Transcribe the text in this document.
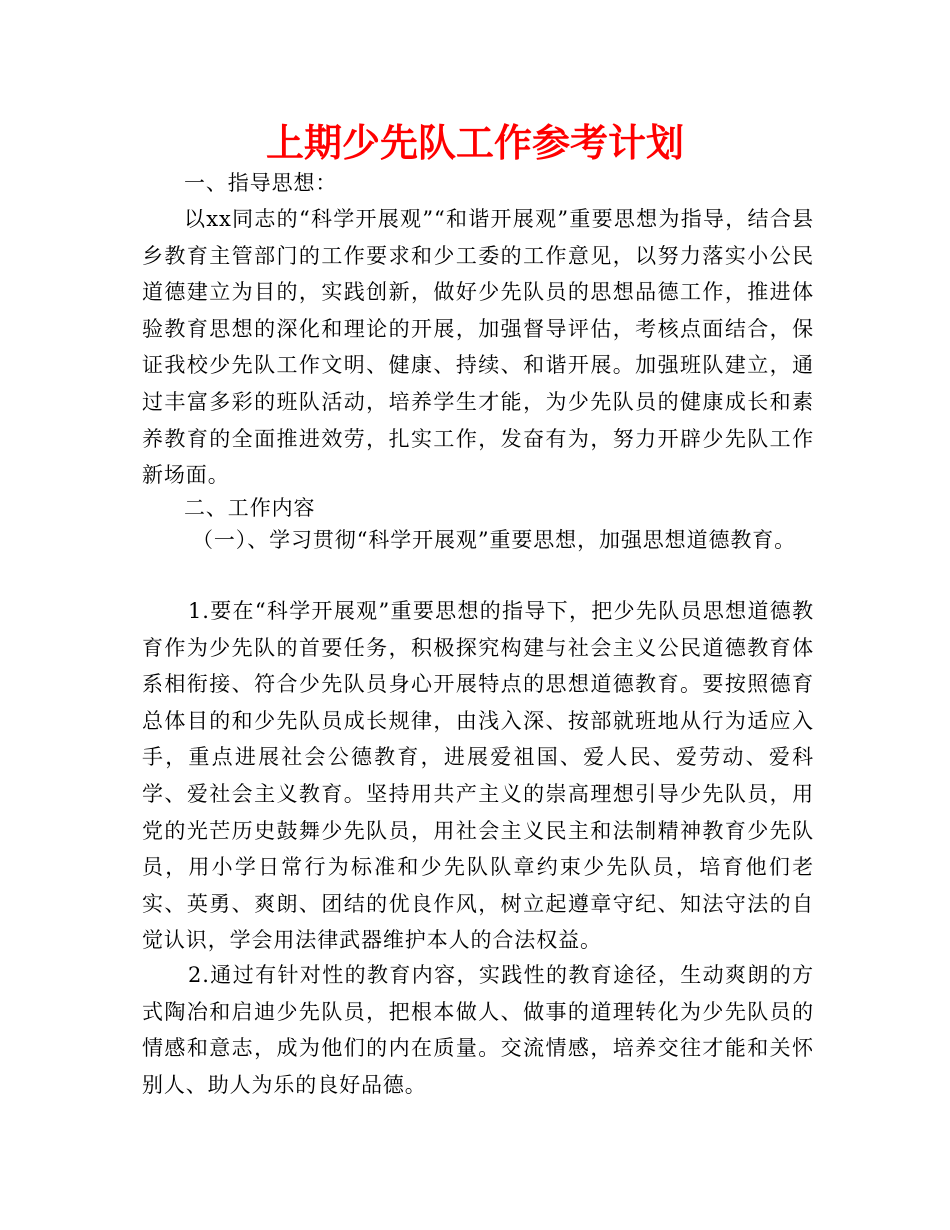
上期少先队工作参考计划

一、指导思想：

以xx同志的“科学开展观”“和谐开展观”重要思想为指导，结合县乡教育主管部门的工作要求和少工委的工作意见，以努力落实小公民道德建立为目的，实践创新，做好少先队员的思想品德工作，推进体验教育思想的深化和理论的开展，加强督导评估，考核点面结合，保证我校少先队工作文明、健康、持续、和谐开展。加强班队建立，通过丰富多彩的班队活动，培养学生才能，为少先队员的健康成长和素养教育的全面推进效劳，扎实工作，发奋有为，努力开辟少先队工作新场面。

二、工作内容

（一）、学习贯彻“科学开展观”重要思想，加强思想道德教育。

1.要在“科学开展观”重要思想的指导下，把少先队员思想道德教育作为少先队的首要任务，积极探究构建与社会主义公民道德教育体系相衔接、符合少先队员身心开展特点的思想道德教育。要按照德育总体目的和少先队员成长规律，由浅入深、按部就班地从行为适应入手，重点进展社会公德教育，进展爱祖国、爱人民、爱劳动、爱科学、爱社会主义教育。坚持用共产主义的崇高理想引导少先队员，用党的光芒历史鼓舞少先队员，用社会主义民主和法制精神教育少先队员，用小学日常行为标准和少先队队章约束少先队员，培育他们老实、英勇、爽朗、团结的优良作风，树立起遵章守纪、知法守法的自觉认识，学会用法律武器维护本人的合法权益。

2.通过有针对性的教育内容，实践性的教育途径，生动爽朗的方式陶冶和启迪少先队员，把根本做人、做事的道理转化为少先队员的情感和意志，成为他们的内在质量。交流情感，培养交往才能和关怀别人、助人为乐的良好品德。
